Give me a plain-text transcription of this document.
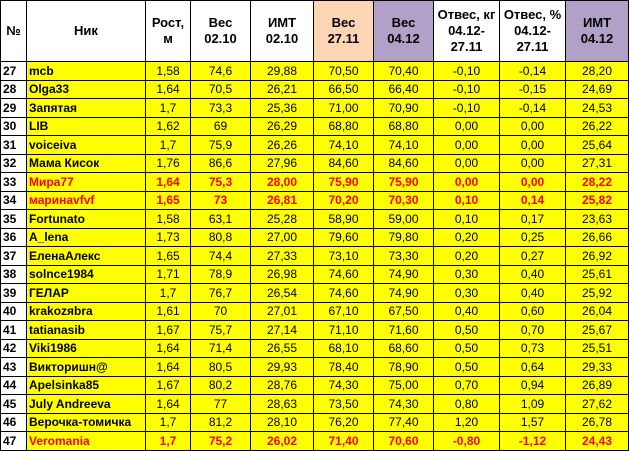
№	Ник	Рост, м	Вес 02.10	ИМТ 02.10	Вес 27.11	Вес 04.12	Отвес, кг 04.12-27.11	Отвес, % 04.12-27.11	ИМТ 04.12
27	mcb	1,58	74,6	29,88	70,50	70,40	-0,10	-0,14	28,20
28	Olga33	1,64	70,5	26,21	66,50	66,40	-0,10	-0,15	24,69
29	Запятая	1,7	73,3	25,36	71,00	70,90	-0,10	-0,14	24,53
30	LIB	1,62	69	26,29	68,80	68,80	0,00	0,00	26,22
31	voiceiva	1,7	75,9	26,26	74,10	74,10	0,00	0,00	25,64
32	Мама Кисок	1,76	86,6	27,96	84,60	84,60	0,00	0,00	27,31
33	Мира77	1,64	75,3	28,00	75,90	75,90	0,00	0,00	28,22
34	маринаvfvf	1,65	73	26,81	70,20	70,30	0,10	0,14	25,82
35	Fortunato	1,58	63,1	25,28	58,90	59,00	0,10	0,17	23,63
36	A_lena	1,73	80,8	27,00	79,60	79,80	0,20	0,25	26,66
37	ЕленаАлекс	1,65	74,4	27,33	73,10	73,30	0,20	0,27	26,92
38	solnce1984	1,71	78,9	26,98	74,60	74,90	0,30	0,40	25,61
39	ГЕЛАР	1,7	76,7	26,54	74,60	74,90	0,30	0,40	25,92
40	krakozяbra	1,61	70	27,01	67,10	67,50	0,40	0,60	26,04
41	tatianasib	1,67	75,7	27,14	71,10	71,60	0,50	0,70	25,67
42	Viki1986	1,64	71,4	26,55	68,10	68,60	0,50	0,73	25,51
43	Викторишн@	1,64	80,5	29,93	78,40	78,90	0,50	0,64	29,33
44	Apelsinka85	1,67	80,2	28,76	74,30	75,00	0,70	0,94	26,89
45	July Andreeva	1,64	77	28,63	73,50	74,30	0,80	1,09	27,62
46	Верочка-томичка	1,7	81,2	28,10	76,20	77,40	1,20	1,57	26,78
47	Veromania	1,7	75,2	26,02	71,40	70,60	-0,80	-1,12	24,43
